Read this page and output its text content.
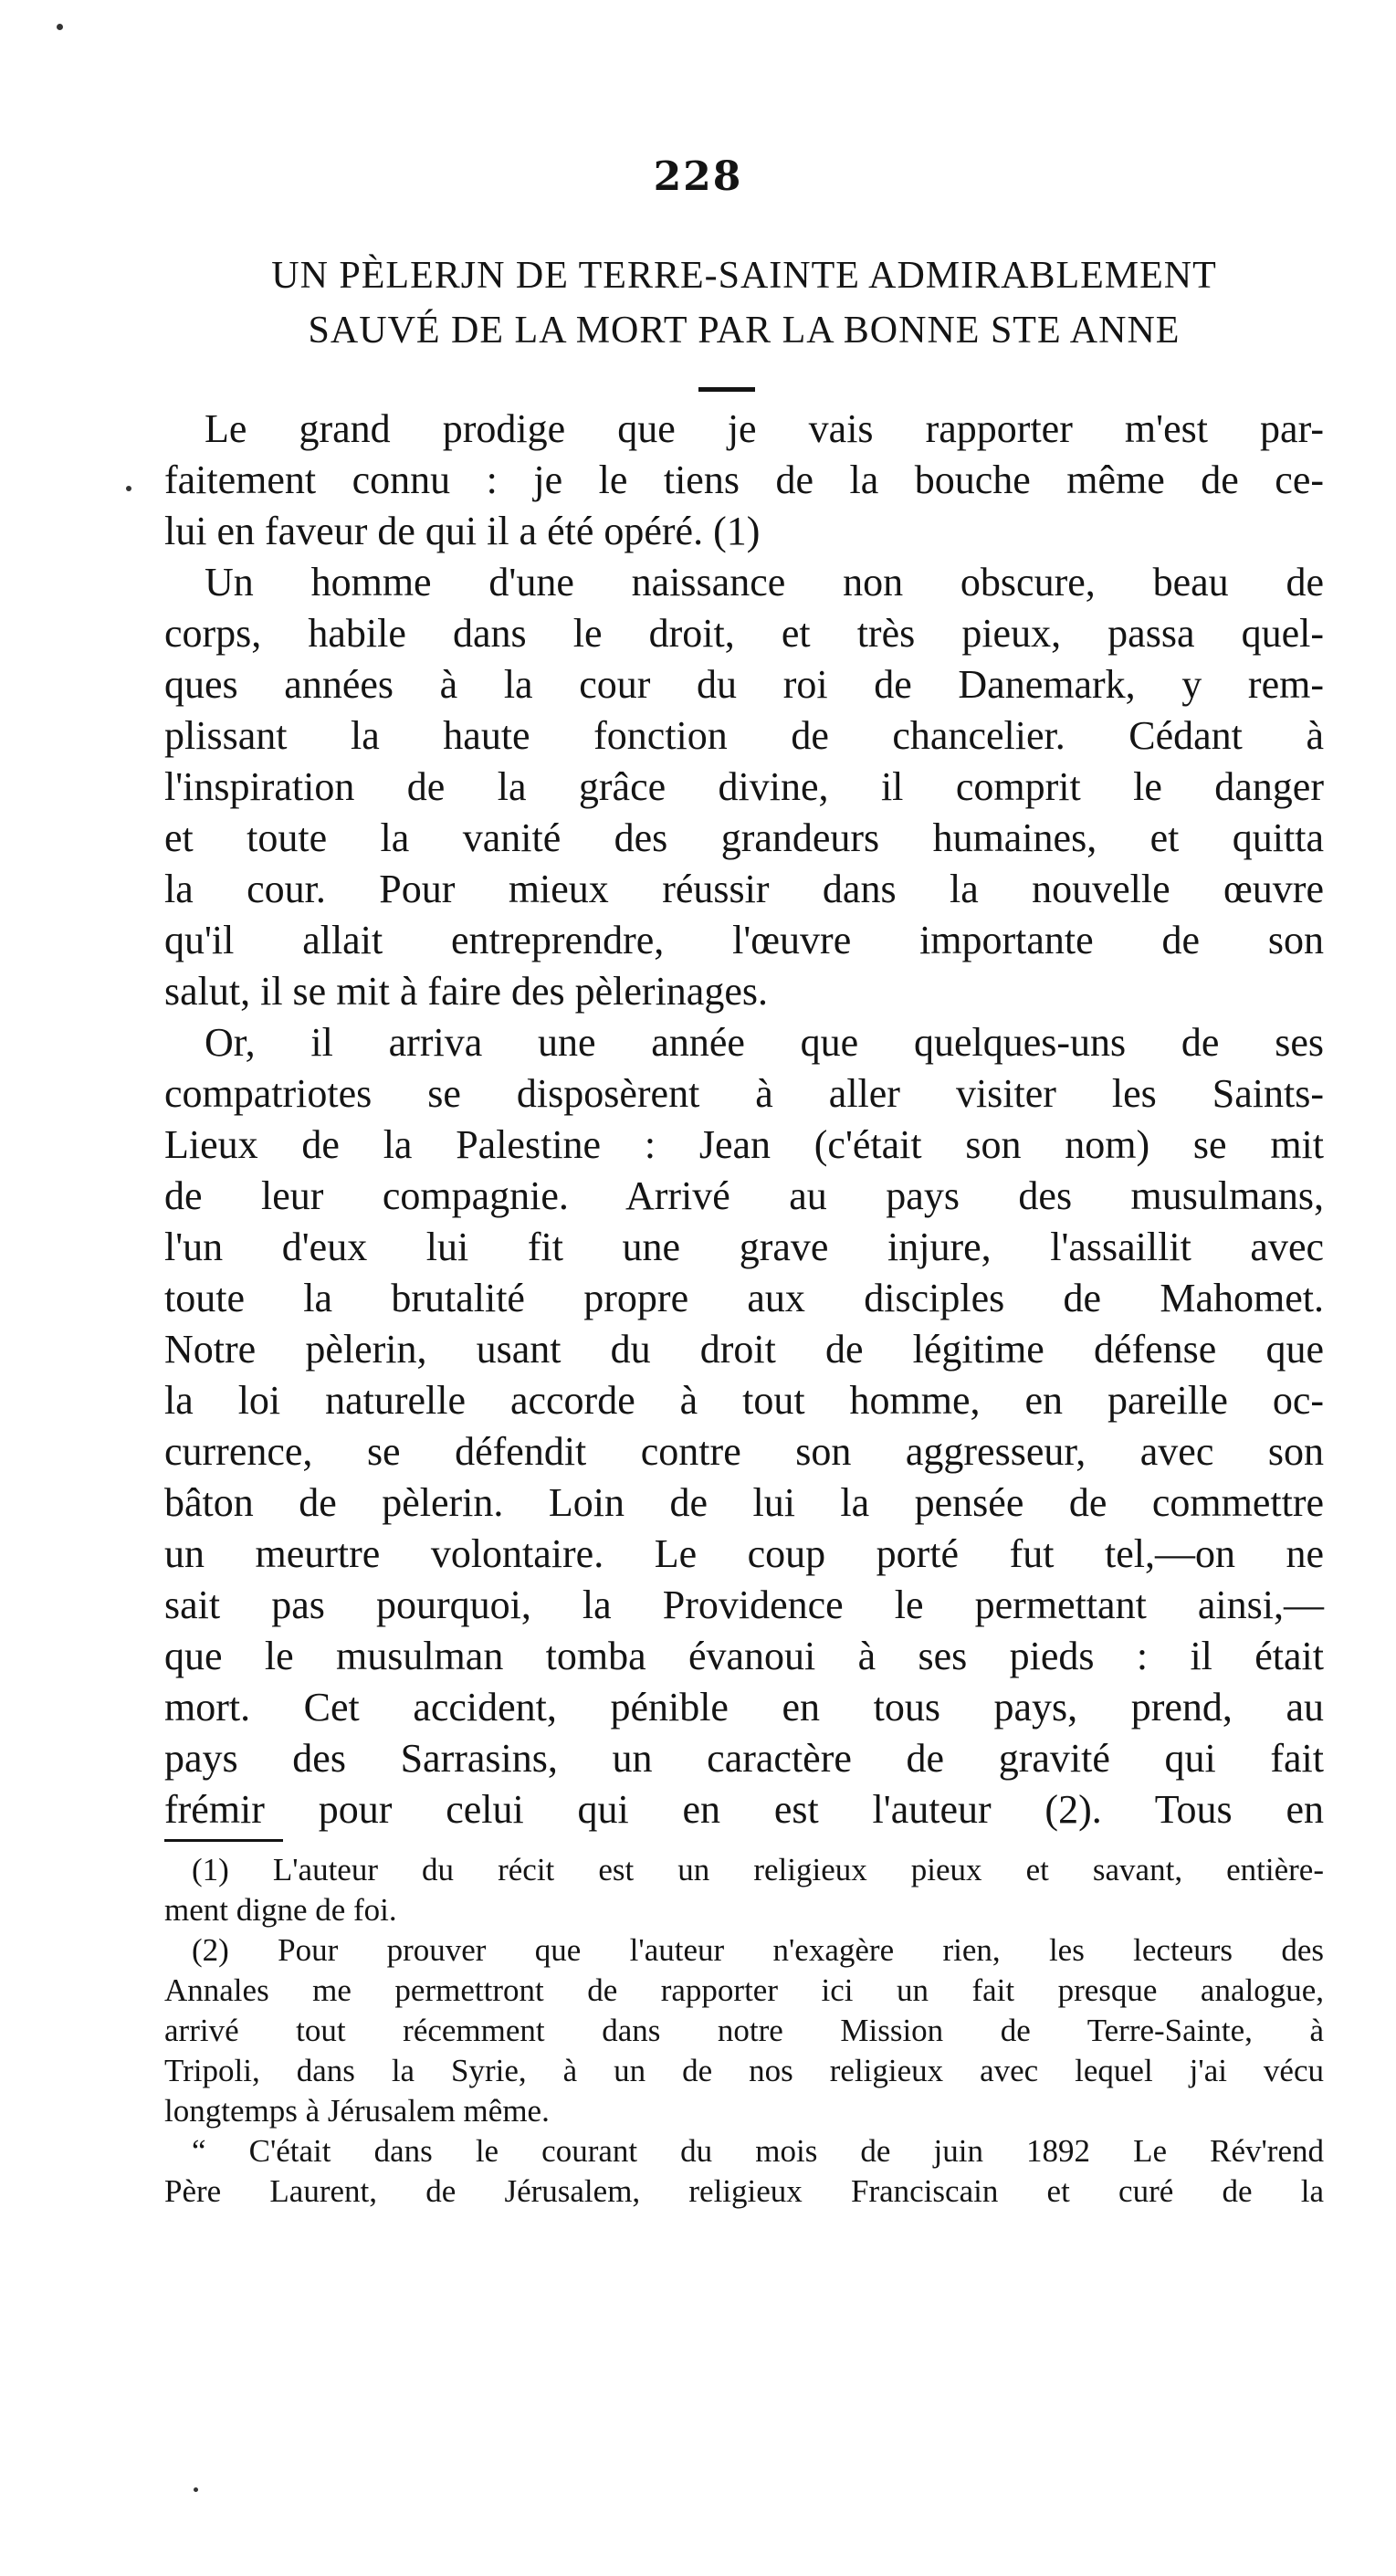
228
UN PÈLERJN DE TERRE-SAINTE ADMIRABLEMENT
SAUVÉ DE LA MORT PAR LA BONNE STE ANNE
Le grand prodige que je vais rapporter m'est par-
faitement connu : je le tiens de la bouche même de ce-
lui en faveur de qui il a été opéré. (1)
Un homme d'une naissance non obscure, beau de
corps, habile dans le droit, et très pieux, passa quel-
ques années à la cour du roi de Danemark, y rem-
plissant la haute fonction de chancelier. Cédant à
l'inspiration de la grâce divine, il comprit le danger
et toute la vanité des grandeurs humaines, et quitta
la cour. Pour mieux réussir dans la nouvelle œuvre
qu'il allait entreprendre, l'œuvre importante de son
salut, il se mit à faire des pèlerinages.
Or, il arriva une année que quelques-uns de ses
compatriotes se disposèrent à aller visiter les Saints-
Lieux de la Palestine : Jean (c'était son nom) se mit
de leur compagnie. Arrivé au pays des musulmans,
l'un d'eux lui fit une grave injure, l'assaillit avec
toute la brutalité propre aux disciples de Mahomet.
Notre pèlerin, usant du droit de légitime défense que
la loi naturelle accorde à tout homme, en pareille oc-
currence, se défendit contre son aggresseur, avec son
bâton de pèlerin. Loin de lui la pensée de commettre
un meurtre volontaire. Le coup porté fut tel,—on ne
sait pas pourquoi, la Providence le permettant ainsi,—
que le musulman tomba évanoui à ses pieds : il était
mort. Cet accident, pénible en tous pays, prend, au
pays des Sarrasins, un caractère de gravité qui fait
frémir pour celui qui en est l'auteur (2). Tous en
(1) L'auteur du récit est un religieux pieux et savant, entière-
ment digne de foi.
(2) Pour prouver que l'auteur n'exagère rien, les lecteurs des
Annales me permettront de rapporter ici un fait presque analogue,
arrivé tout récemment dans notre Mission de Terre-Sainte, à
Tripoli, dans la Syrie, à un de nos religieux avec lequel j'ai vécu
longtemps à Jérusalem même.
“ C'était dans le courant du mois de juin 1892 Le Rév'rend
Père Laurent, de Jérusalem, religieux Franciscain et curé de la
